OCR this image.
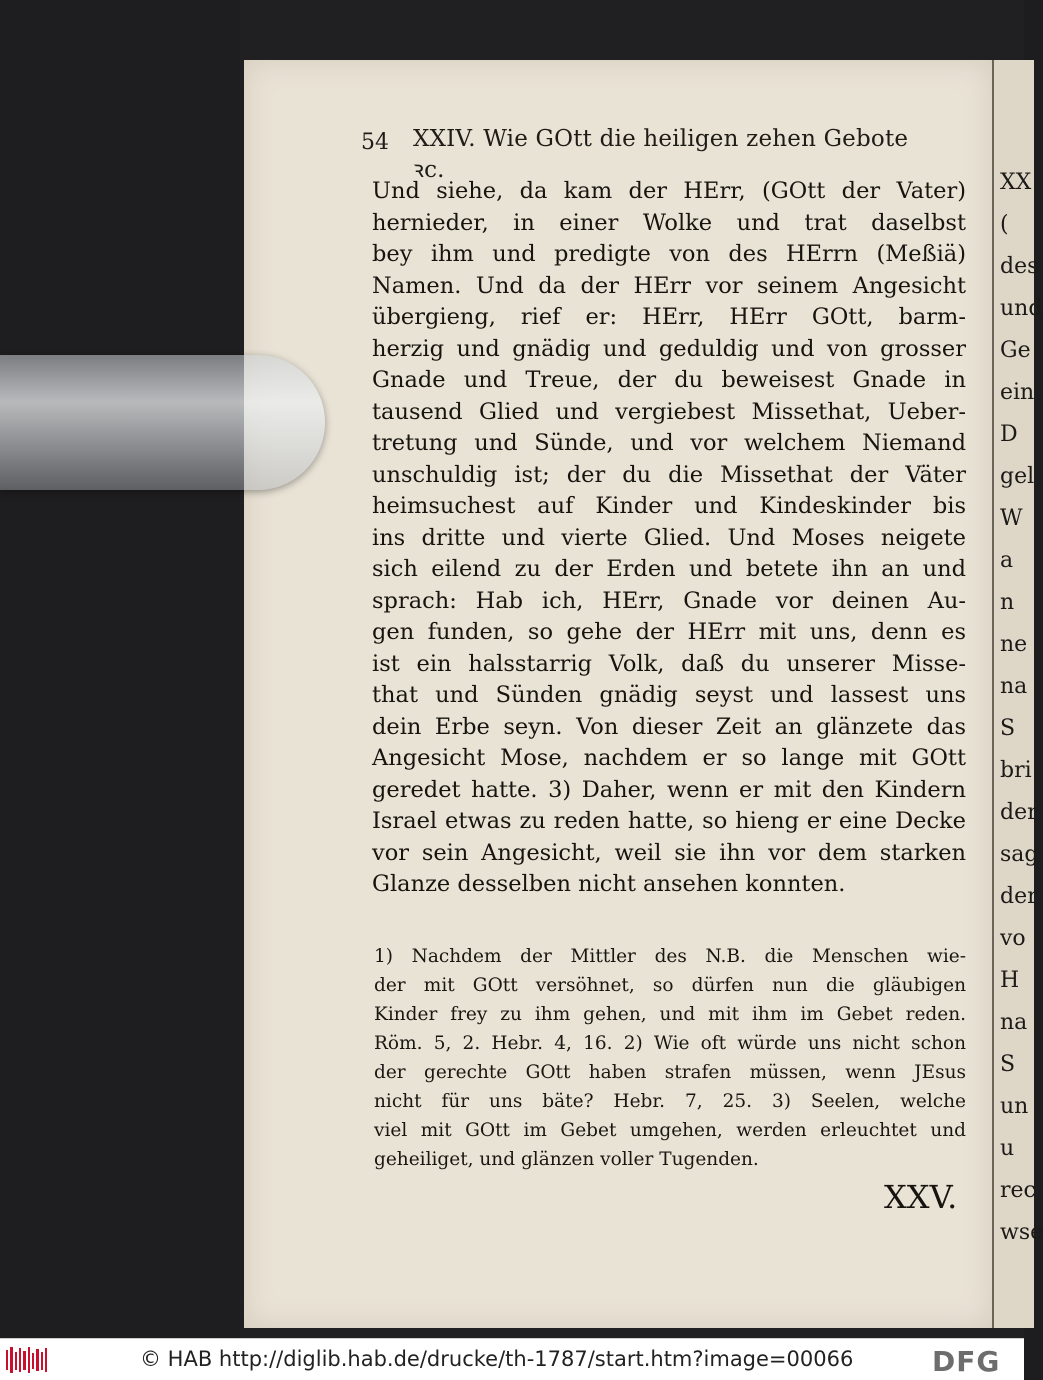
XX
(
des
und
Ge
ein
D
gel
W
a
n
ne
na
S
bri
der
sag
der
vo
H
na
S
un
u
rec
wse
54 XXIV. Wie GOtt die heiligen zehen Gebote ꝛc.
Und siehe, da kam der HErr, (GOtt der Vater)
hernieder, in einer Wolke und trat daselbst
bey ihm und predigte von des HErrn (Meßiä)
Namen. Und da der HErr vor seinem Angesicht
übergieng, rief er: HErr, HErr GOtt, barm-
herzig und gnädig und geduldig und von grosser
Gnade und Treue, der du beweisest Gnade in
tausend Glied und vergiebest Missethat, Ueber-
tretung und Sünde, und vor welchem Niemand
unschuldig ist; der du die Missethat der Väter
heimsuchest auf Kinder und Kindeskinder bis
ins dritte und vierte Glied. Und Moses neigete
sich eilend zu der Erden und betete ihn an und
sprach: Hab ich, HErr, Gnade vor deinen Au-
gen funden, so gehe der HErr mit uns, denn es
ist ein halsstarrig Volk, daß du unserer Misse-
that und Sünden gnädig seyst und lassest uns
dein Erbe seyn. Von dieser Zeit an glänzete das
Angesicht Mose, nachdem er so lange mit GOtt
geredet hatte. 3) Daher, wenn er mit den Kindern
Israel etwas zu reden hatte, so hieng er eine Decke
vor sein Angesicht, weil sie ihn vor dem starken
Glanze desselben nicht ansehen konnten.
1) Nachdem der Mittler des N.B. die Menschen wie-
der mit GOtt versöhnet, so dürfen nun die gläubigen
Kinder frey zu ihm gehen, und mit ihm im Gebet reden.
Röm. 5, 2. Hebr. 4, 16. 2) Wie oft würde uns nicht schon
der gerechte GOtt haben strafen müssen, wenn JEsus
nicht für uns bäte? Hebr. 7, 25. 3) Seelen, welche
viel mit GOtt im Gebet umgehen, werden erleuchtet und
geheiliget, und glänzen voller Tugenden.
XXV.
© HAB http://diglib.hab.de/drucke/th-1787/start.htm?image=00066	DFG
